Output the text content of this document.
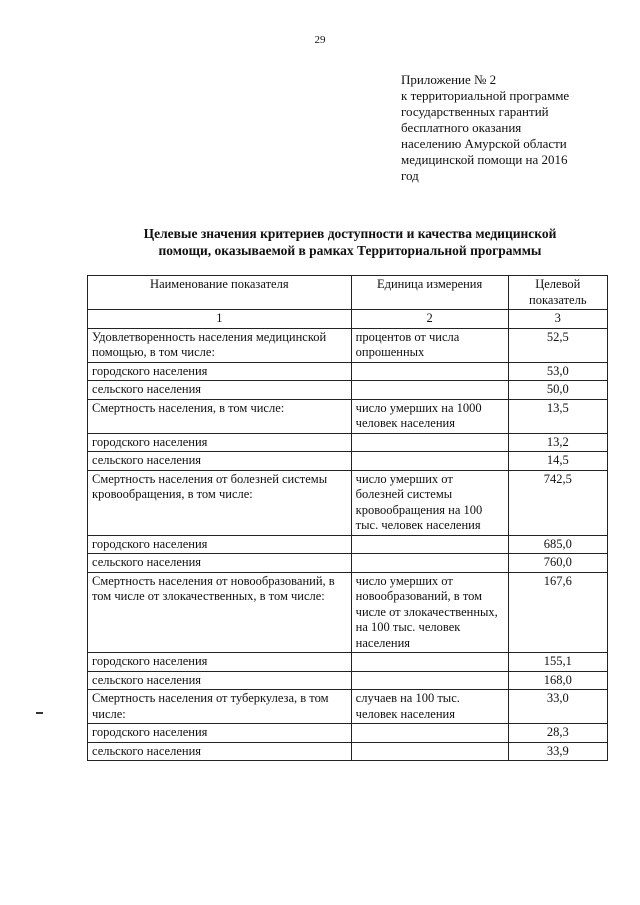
29
Приложение № 2
к территориальной программе
государственных гарантий
бесплатного оказания
населению Амурской области
медицинской помощи на 2016
год
Целевые значения критериев доступности и качества медицинской
помощи, оказываемой в рамках Территориальной программы
Наименование показателя	Единица измерения	Целевой показатель
1	2	3
Удовлетворенность населения медицинской помощью, в том числе:	процентов от числа опрошенных	52,5
городского населения		53,0
сельского населения		50,0
Смертность населения, в том числе:	число умерших на 1000 человек населения	13,5
городского населения		13,2
сельского населения		14,5
Смертность населения от болезней системы кровообращения, в том числе:	число умерших от болезней системы кровообращения на 100 тыс. человек населения	742,5
городского населения		685,0
сельского населения		760,0
Смертность населения от новообразований, в том числе от злокачественных, в том числе:	число умерших от новообразований, в том числе от злокачественных, на 100 тыс. человек населения	167,6
городского населения		155,1
сельского населения		168,0
Смертность населения от туберкулеза, в том числе:	случаев на 100 тыс. человек населения	33,0
городского населения		28,3
сельского населения		33,9
